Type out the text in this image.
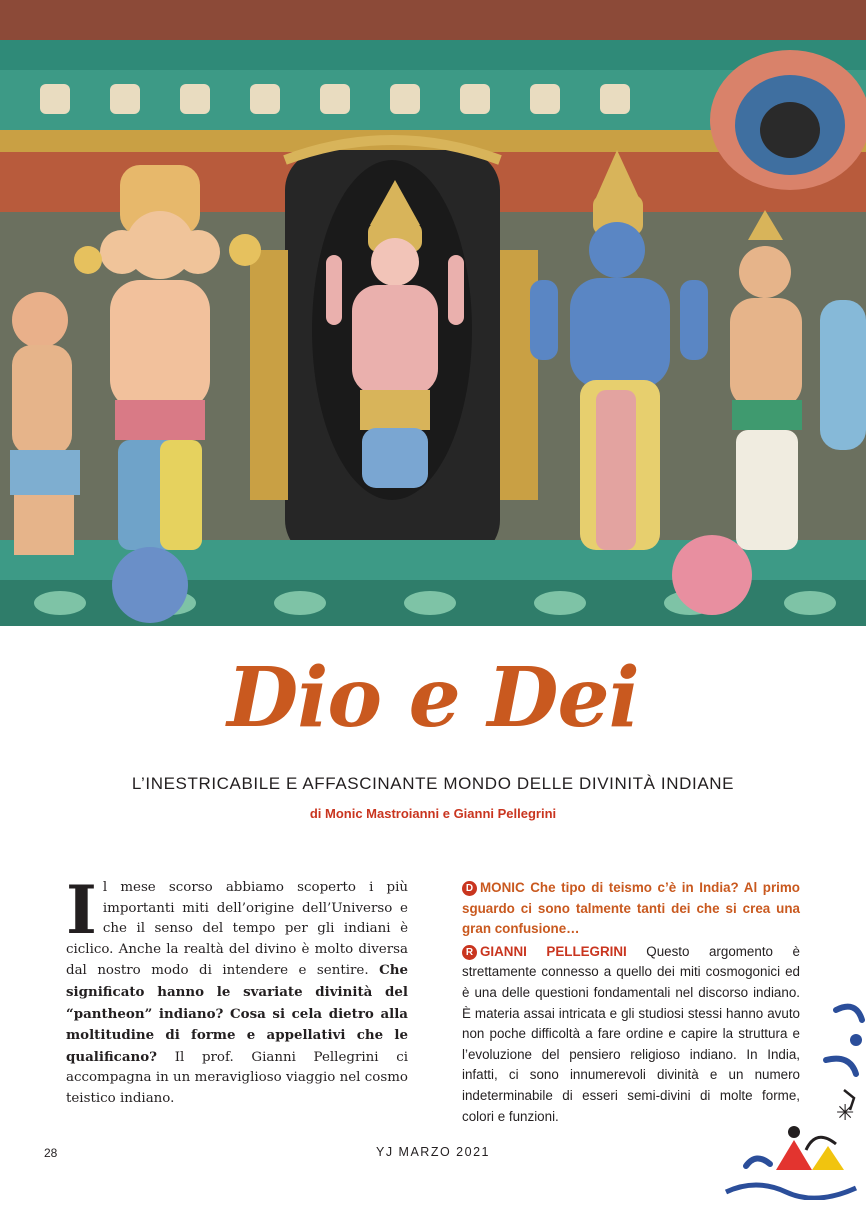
Dio e Dei
L’INESTRICABILE E AFFASCINANTE MONDO DELLE DIVINITÀ INDIANE
di Monic Mastroianni e Gianni Pellegrini
Il mese scorso abbiamo scoperto i più importanti miti dell’origine dell’Universo e che il senso del tempo per gli indiani è ciclico. Anche la realtà del divino è molto diversa dal nostro modo di intendere e sentire. Che significato hanno le svariate divinità del “pantheon” indiano? Cosa si cela dietro alla moltitudine di forme e appellativi che le qualificano? Il prof. Gianni Pellegrini ci accompagna in un meraviglioso viaggio nel cosmo teistico indiano.
D MONIC Che tipo di teismo c’è in India? Al primo sguardo ci sono talmente tanti dei che si crea una gran confusione…
R GIANNI PELLEGRINI Questo argomento è strettamente connesso a quello dei miti cosmogonici ed è una delle questioni fondamentali nel discorso indiano. È materia assai intricata e gli studiosi stessi hanno avuto non poche difficoltà a fare ordine e capire la struttura e l’evoluzione del pensiero religioso indiano. In India, infatti, ci sono innumerevoli divinità e un numero indeterminabile di esseri semi-divini di molte forme, colori e funzioni.
28	YJ MARZO 2021
✳
